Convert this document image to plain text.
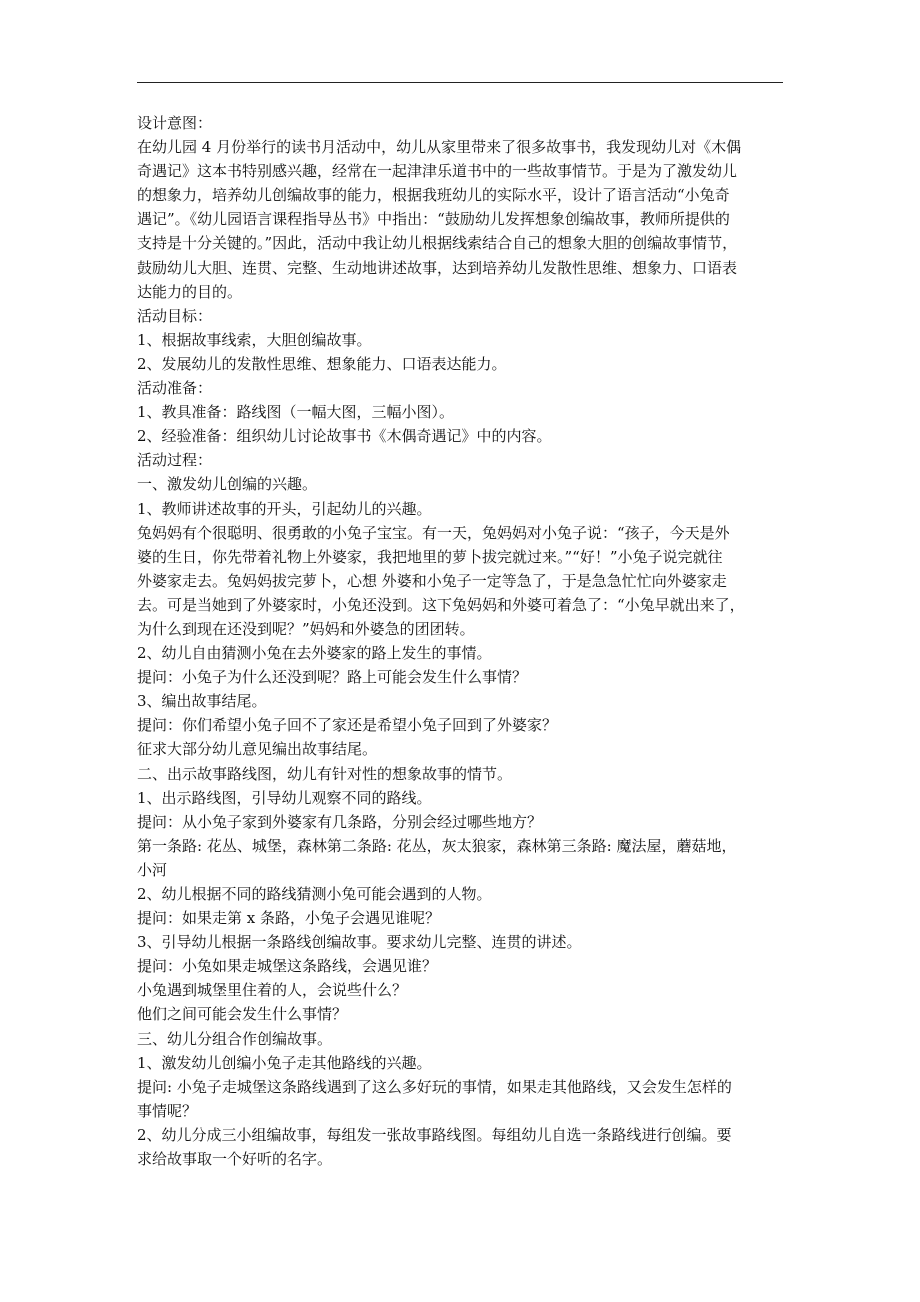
设计意图：
在幼儿园 4 月份举行的读书月活动中，幼儿从家里带来了很多故事书，我发现幼儿对《木偶
奇遇记》这本书特别感兴趣，经常在一起津津乐道书中的一些故事情节。于是为了激发幼儿
的想象力，培养幼儿创编故事的能力，根据我班幼儿的实际水平，设计了语言活动“小兔奇
遇记”。《幼儿园语言课程指导丛书》中指出：“鼓励幼儿发挥想象创编故事，教师所提供的
支持是十分关键的。”因此，活动中我让幼儿根据线索结合自己的想象大胆的创编故事情节，
鼓励幼儿大胆、连贯、完整、生动地讲述故事，达到培养幼儿发散性思维、想象力、口语表
达能力的目的。
活动目标：
1、根据故事线索，大胆创编故事。
2、发展幼儿的发散性思维、想象能力、口语表达能力。
活动准备：
1、教具准备：路线图（一幅大图，三幅小图）。
2、经验准备：组织幼儿讨论故事书《木偶奇遇记》中的内容。
活动过程：
一、激发幼儿创编的兴趣。
1、教师讲述故事的开头，引起幼儿的兴趣。
兔妈妈有个很聪明、很勇敢的小兔子宝宝。有一天，兔妈妈对小兔子说：“孩子，今天是外
婆的生日，你先带着礼物上外婆家，我把地里的萝卜拔完就过来。”“好！”小兔子说完就往
外婆家走去。兔妈妈拔完萝卜，心想 外婆和小兔子一定等急了，于是急急忙忙向外婆家走
去。可是当她到了外婆家时，小兔还没到。这下兔妈妈和外婆可着急了：“小兔早就出来了，
为什么到现在还没到呢？”妈妈和外婆急的团团转。
2、幼儿自由猜测小兔在去外婆家的路上发生的事情。
提问：小兔子为什么还没到呢？路上可能会发生什么事情？
3、编出故事结尾。
提问：你们希望小兔子回不了家还是希望小兔子回到了外婆家？
征求大部分幼儿意见编出故事结尾。
二、出示故事路线图，幼儿有针对性的想象故事的情节。
1、出示路线图，引导幼儿观察不同的路线。
提问：从小兔子家到外婆家有几条路，分别会经过哪些地方？
第一条路: 花丛、城堡，森林第二条路: 花丛，灰太狼家，森林第三条路: 魔法屋，蘑菇地，
小河
2、幼儿根据不同的路线猜测小兔可能会遇到的人物。
提问：如果走第 x 条路，小兔子会遇见谁呢？
3、引导幼儿根据一条路线创编故事。要求幼儿完整、连贯的讲述。
提问：小兔如果走城堡这条路线，会遇见谁？
小兔遇到城堡里住着的人，会说些什么？
他们之间可能会发生什么事情？
三、幼儿分组合作创编故事。
1、激发幼儿创编小兔子走其他路线的兴趣。
提问: 小兔子走城堡这条路线遇到了这么多好玩的事情，如果走其他路线，又会发生怎样的
事情呢？
2、幼儿分成三小组编故事，每组发一张故事路线图。每组幼儿自选一条路线进行创编。要
求给故事取一个好听的名字。
